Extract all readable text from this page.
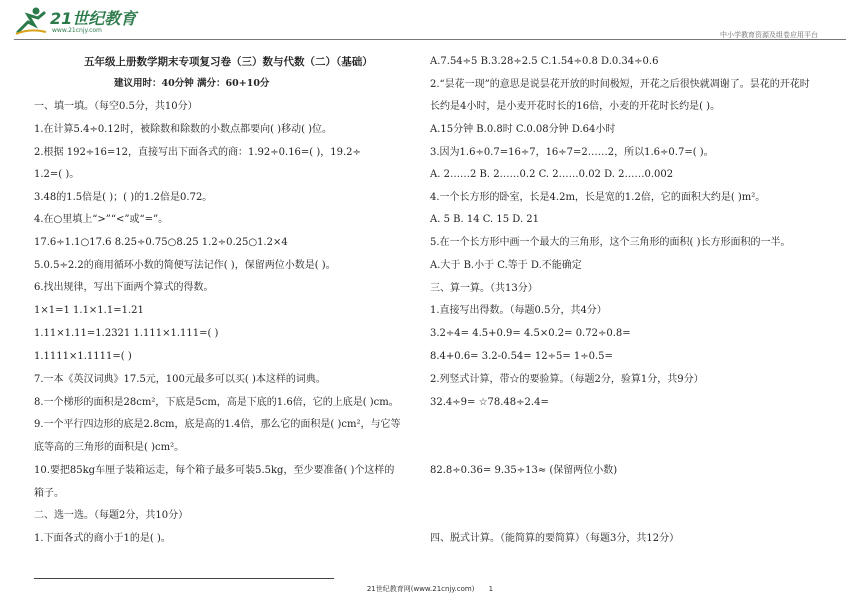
21世纪教育
www.21cnjy.com
中小学教育资源及组卷应用平台
五年级上册数学期末专项复习卷（三）数与代数（二）（基础）
建议用时：40分钟 满分：60+10分
一、填一填。（每空0.5分，共10分）
1.在计算5.4÷0.12时，被除数和除数的小数点都要向( )移动( )位。
2.根据 192÷16=12，直接写出下面各式的商：1.92÷0.16=( )，19.2÷
1.2=( )。
3.48的1.5倍是( )；( )的1.2倍是0.72。
4.在○里填上“>”“<”或“=”。
17.6÷1.1○17.6 8.25÷0.75○8.25 1.2÷0.25○1.2×4
5.0.5÷2.2的商用循环小数的简便写法记作( )，保留两位小数是( )。
6.找出规律，写出下面两个算式的得数。
1×1=1 1.1×1.1=1.21
1.11×1.11=1.2321 1.111×1.111=( )
1.1111×1.1111=( )
7.一本《英汉词典》17.5元，100元最多可以买( )本这样的词典。
8.一个梯形的面积是28cm²，下底是5cm，高是下底的1.6倍，它的上底是( )cm。
9.一个平行四边形的底是2.8cm，底是高的1.4倍，那么它的面积是( )cm²，与它等
底等高的三角形的面积是( )cm²。
10.要把85kg车厘子装箱运走，每个箱子最多可装5.5kg，至少要准备( )个这样的
箱子。
二、选一选。（每题2分，共10分）
1.下面各式的商小于1的是( )。
A.7.54÷5 B.3.28÷2.5 C.1.54÷0.8 D.0.34÷0.6
2.“昙花一现”的意思是说昙花开放的时间极短，开花之后很快就凋谢了。昙花的开花时
长约是4小时，是小麦开花时长的16倍，小麦的开花时长约是( )。
A.15分钟 B.0.8时 C.0.08分钟 D.64小时
3.因为1.6÷0.7=16÷7，16÷7=2……2，所以1.6÷0.7=( )。
A. 2……2 B. 2……0.2 C. 2……0.02 D. 2……0.002
4.一个长方形的卧室，长是4.2m，长是宽的1.2倍，它的面积大约是( )m²。
A. 5 B. 14 C. 15 D. 21
5.在一个长方形中画一个最大的三角形，这个三角形的面积( )长方形面积的一半。
A.大于 B.小于 C.等于 D.不能确定
三、算一算。（共13分）
1.直接写出得数。（每题0.5分，共4分）
3.2÷4= 4.5+0.9= 4.5×0.2= 0.72÷0.8=
8.4+0.6= 3.2-0.54= 12÷5= 1÷0.5=
2.列竖式计算，带☆的要验算。（每题2分，验算1分，共9分）
32.4÷9= ☆78.48÷2.4=
82.8÷0.36= 9.35÷13≈ (保留两位小数)
四、脱式计算。（能简算的要简算）（每题3分，共12分）
21世纪教育网(www.21cnjy.com) 1
